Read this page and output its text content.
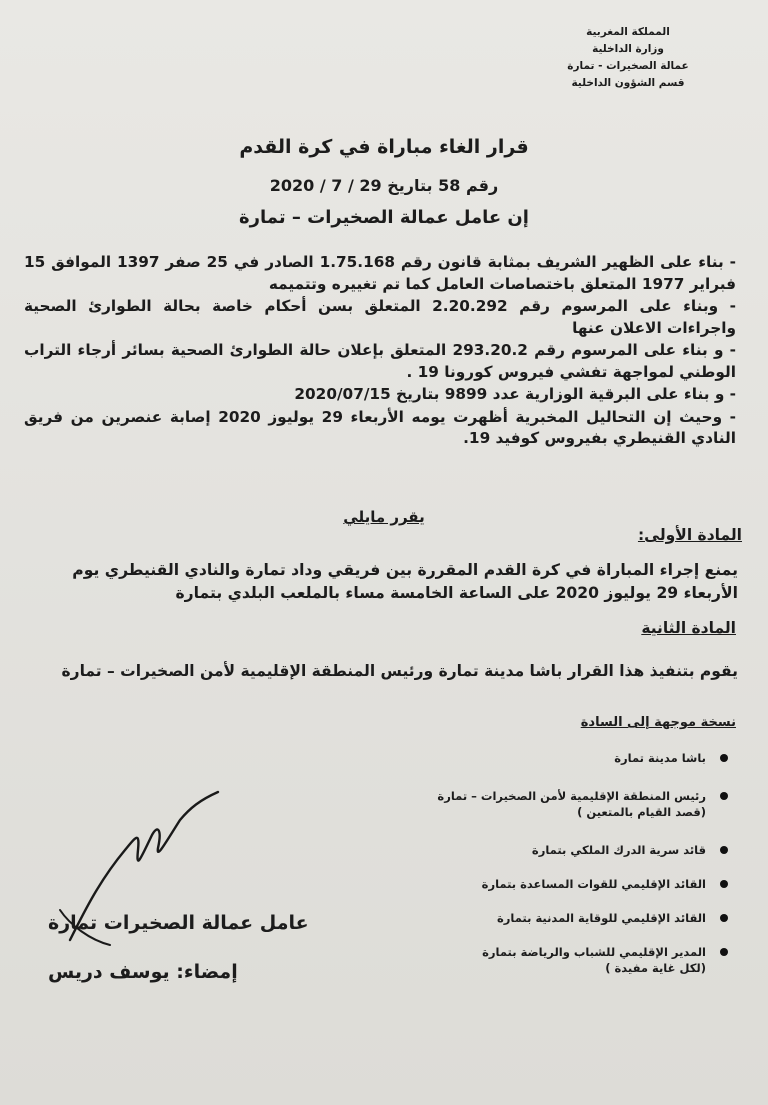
المملكة المغربية
وزارة الداخلية
عمالة الصخيرات - تمارة
قسم الشؤون الداخلية
قرار الغاء مباراة في كرة القدم
رقم 58 بتاريخ 29 / 7 / 2020
إن عامل عمالة الصخيرات – تمارة

- بناء على الظهير الشريف بمثابة قانون رقم 1.75.168 الصادر في 25 صفر 1397 الموافق 15 فبراير 1977 المتعلق باختصاصات العامل كما تم تغييره وتتميمه

- وبناء على المرسوم رقم 2.20.292 المتعلق بسن أحكام خاصة بحالة الطوارئ الصحية واجراءات الاعلان عنها

- و بناء على المرسوم رقم 293.20.2 المتعلق بإعلان حالة الطوارئ الصحية بسائر أرجاء التراب الوطني لمواجهة تفشي فيروس كورونا 19 .

- و بناء على البرقية الوزارية عدد 9899 بتاريخ 2020/07/15

- وحيث إن التحاليل المخبرية أظهرت يومه الأربعاء 29 يوليوز 2020 إصابة عنصرين من فريق النادي القنيطري بفيروس كوفيد 19.

يقرر مايلي
المادة الأولى:
يمنع إجراء المباراة في كرة القدم المقررة بين فريقي وداد تمارة والنادي القنيطري يوم الأربعاء 29 يوليوز 2020 على الساعة الخامسة مساء بالملعب البلدي بتمارة
المادة الثانية
يقوم بتنفيذ هذا القرار باشا مدينة تمارة ورئيس المنطقة الإقليمية لأمن الصخيرات – تمارة
نسخة موجهة إلى السادة
باشا مدينة تمارة
رئيس المنطقة الإقليمية لأمن الصخيرات – تمارة
(قصد القيام بالمتعين )
قائد سرية الدرك الملكي بتمارة
القائد الإقليمي للقوات المساعدة بتمارة
القائد الإقليمي للوقاية المدنية بتمارة
المدير الإقليمي للشباب والرياضة بتمارة
(لكل غاية مفيدة )
عامل عمالة الصخيرات تمارة
إمضاء: يوسف دريس
